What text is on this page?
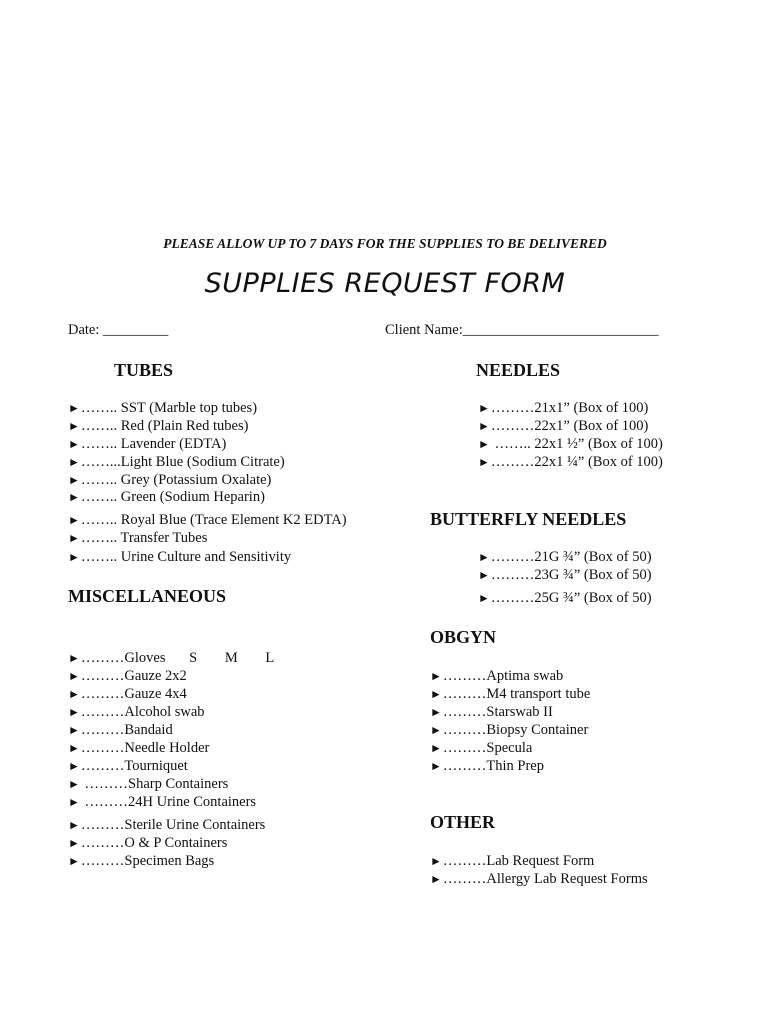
PLEASE ALLOW UP TO 7 DAYS FOR THE SUPPLIES TO BE DELIVERED
SUPPLIES REQUEST FORM
Date: _________	Client Name:___________________________
TUBES
►…….. SST (Marble top tubes)
►…….. Red (Plain Red tubes)
►…….. Lavender (EDTA)
►……...Light Blue (Sodium Citrate)
►…….. Grey (Potassium Oxalate)
►…….. Green (Sodium Heparin)
►…….. Royal Blue (Trace Element K2 EDTA)
►…….. Transfer Tubes
►…….. Urine Culture and Sensitivity
MISCELLANEOUS
►………Gloves S M L
►………Gauze 2x2
►………Gauze 4x4
►………Alcohol swab
►………Bandaid
►………Needle Holder
►………Tourniquet
► ………Sharp Containers
► ………24H Urine Containers
►………Sterile Urine Containers
►………O & P Containers
►………Specimen Bags
NEEDLES
►………21x1” (Box of 100)
►………22x1” (Box of 100)
► …….. 22x1 ½” (Box of 100)
►………22x1 ¼” (Box of 100)
BUTTERFLY NEEDLES
►………21G ¾” (Box of 50)
►………23G ¾” (Box of 50)
►………25G ¾” (Box of 50)
OBGYN
►………Aptima swab
►………M4 transport tube
►………Starswab II
►………Biopsy Container
►………Specula
►………Thin Prep
OTHER
►………Lab Request Form
►………Allergy Lab Request Forms
